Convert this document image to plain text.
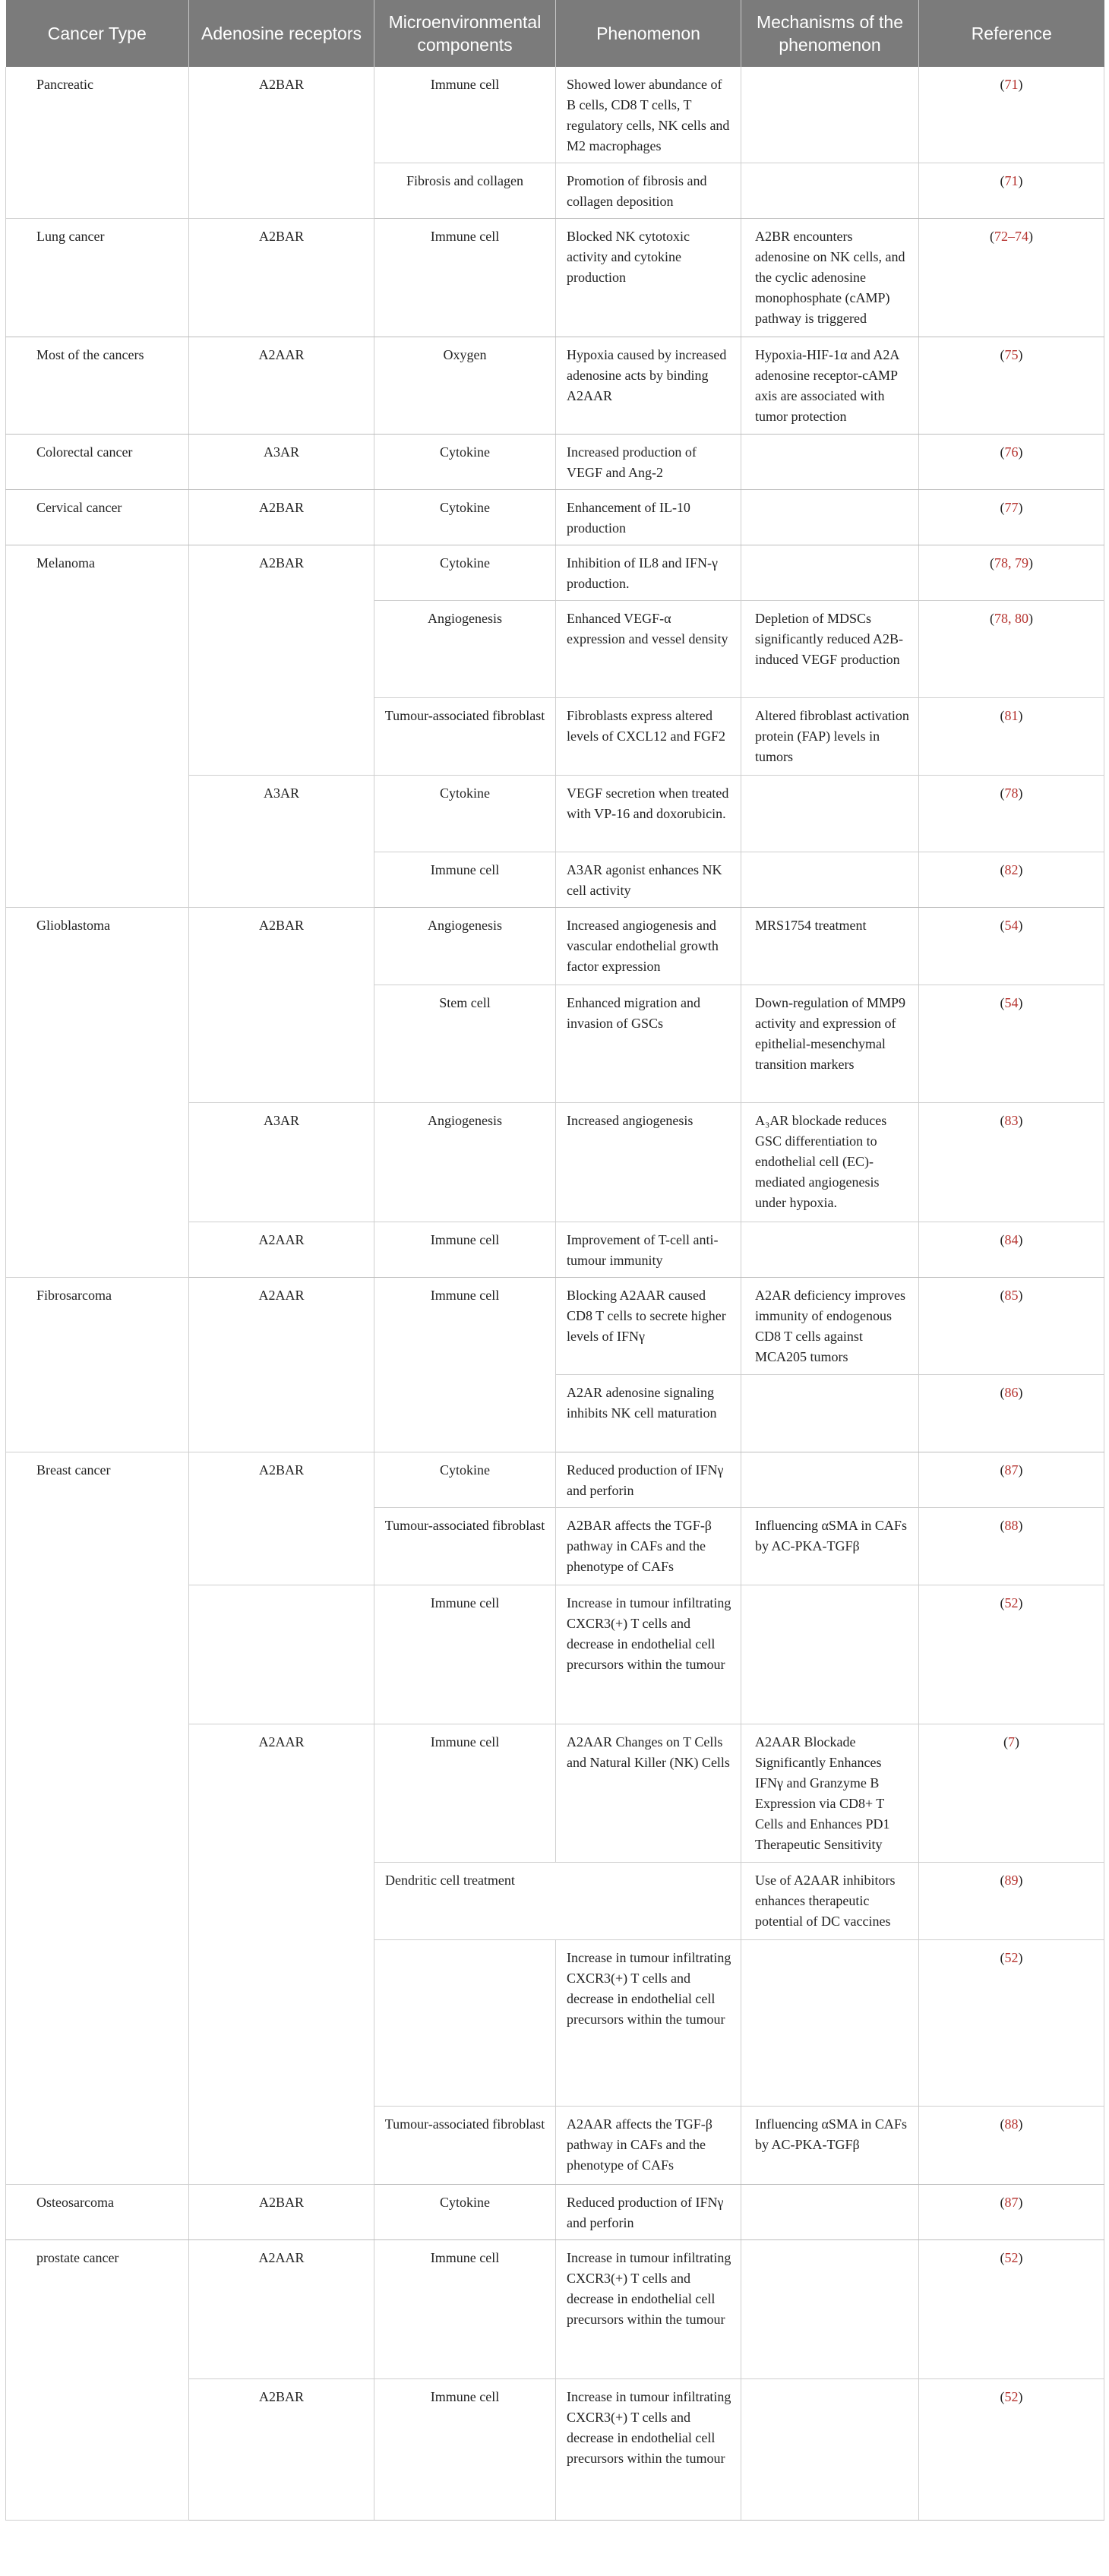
Cancer Type	Adenosine receptors	Microenvironmental components	Phenomenon	Mechanisms of the phenomenon	Reference
Pancreatic	A2BAR	Immune cell	Showed lower abundance of B cells, CD8 T cells, T regulatory cells, NK cells and M2 macrophages		(71)
		Fibrosis and collagen	Promotion of fibrosis and collagen deposition		(71)
Lung cancer	A2BAR	Immune cell	Blocked NK cytotoxic activity and cytokine production	A2BR encounters adenosine on NK cells, and the cyclic adenosine monophosphate (cAMP) pathway is triggered	(72–74)
Most of the cancers	A2AAR	Oxygen	Hypoxia caused by increased adenosine acts by binding A2AAR	Hypoxia-HIF-1α and A2A adenosine receptor-cAMP axis are associated with tumor protection	(75)
Colorectal cancer	A3AR	Cytokine	Increased production of VEGF and Ang-2		(76)
Cervical cancer	A2BAR	Cytokine	Enhancement of IL-10 production		(77)
Melanoma	A2BAR	Cytokine	Inhibition of IL8 and IFN-γ production.		(78, 79)
		Angiogenesis	Enhanced VEGF-α expression and vessel density	Depletion of MDSCs significantly reduced A2B-induced VEGF production	(78, 80)
		Tumour-associated fibroblast	Fibroblasts express altered levels of CXCL12 and FGF2	Altered fibroblast activation protein (FAP) levels in tumors	(81)
	A3AR	Cytokine	VEGF secretion when treated with VP-16 and doxorubicin.		(78)
		Immune cell	A3AR agonist enhances NK cell activity		(82)
Glioblastoma	A2BAR	Angiogenesis	Increased angiogenesis and vascular endothelial growth factor expression	MRS1754 treatment	(54)
		Stem cell	Enhanced migration and invasion of GSCs	Down-regulation of MMP9 activity and expression of epithelial-mesenchymal transition markers	(54)
	A3AR	Angiogenesis	Increased angiogenesis	A₃AR blockade reduces GSC differentiation to endothelial cell (EC)-mediated angiogenesis under hypoxia.	(83)
	A2AAR	Immune cell	Improvement of T-cell anti-tumour immunity		(84)
Fibrosarcoma	A2AAR	Immune cell	Blocking A2AAR caused CD8 T cells to secrete higher levels of IFNγ	A2AR deficiency improves immunity of endogenous CD8 T cells against MCA205 tumors	(85)
			A2AR adenosine signaling inhibits NK cell maturation		(86)
Breast cancer	A2BAR	Cytokine	Reduced production of IFNγ and perforin		(87)
		Tumour-associated fibroblast	A2BAR affects the TGF-β pathway in CAFs and the phenotype of CAFs	Influencing αSMA in CAFs by AC-PKA-TGFβ	(88)
		Immune cell	Increase in tumour infiltrating CXCR3(+) T cells and decrease in endothelial cell precursors within the tumour		(52)
	A2AAR	Immune cell	A2AAR Changes on T Cells and Natural Killer (NK) Cells	A2AAR Blockade Significantly Enhances IFNγ and Granzyme B Expression via CD8+ T Cells and Enhances PD1 Therapeutic Sensitivity	(7)
		Dendritic cell treatment		Use of A2AAR inhibitors enhances therapeutic potential of DC vaccines	(89)
			Increase in tumour infiltrating CXCR3(+) T cells and decrease in endothelial cell precursors within the tumour		(52)
		Tumour-associated fibroblast	A2AAR affects the TGF-β pathway in CAFs and the phenotype of CAFs	Influencing αSMA in CAFs by AC-PKA-TGFβ	(88)
Osteosarcoma	A2BAR	Cytokine	Reduced production of IFNγ and perforin		(87)
prostate cancer	A2AAR	Immune cell	Increase in tumour infiltrating CXCR3(+) T cells and decrease in endothelial cell precursors within the tumour		(52)
	A2BAR	Immune cell	Increase in tumour infiltrating CXCR3(+) T cells and decrease in endothelial cell precursors within the tumour		(52)
